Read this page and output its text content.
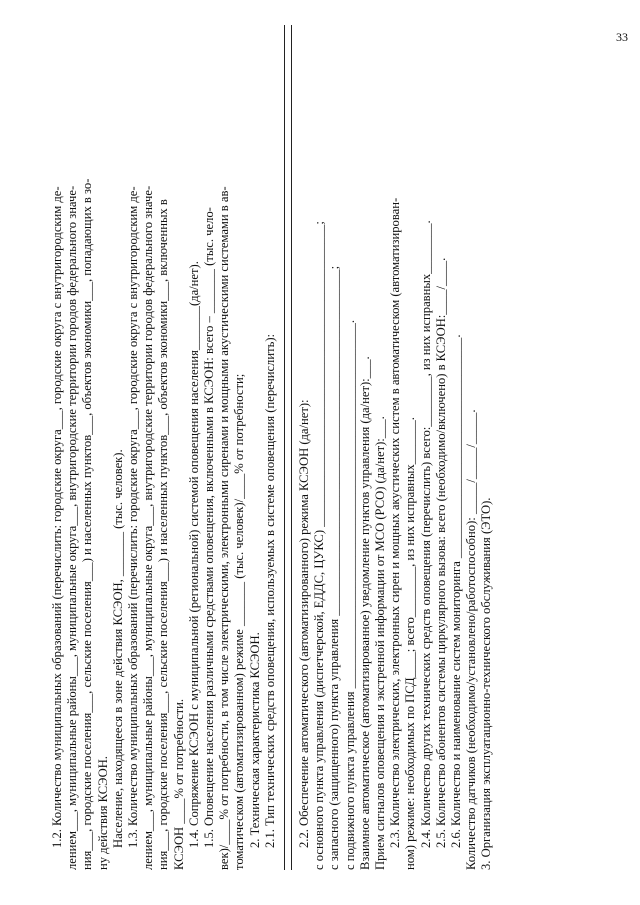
33
1.2. Количество муниципальных образований (перечислить: городские округа___, городские округа с внутригородским де- лением___, муниципальные районы___, муниципальные округа___, внутригородские территории городов федерального значе- ния___, городские поселения___, сельские поселения___) и населенных пунктов___, объектов экономики___, попадающих в зо- ну действия КСЭОН. Население, находящееся в зоне действия КСЭОН, _______ (тыс. человек). 1.3. Количество муниципальных образований (перечислить: городские округа___, городские округа с внутригородским де- лением___, муниципальные районы___, муниципальные округа___, внутригородские территории городов федерального значе- ния___, городские поселения___, сельские поселения___) и населенных пунктов___, объектов экономики___, включенных в КСЭОН ____% от потребности. 1.4. Сопряжение КСЭОН с муниципальной (региональной) системой оповещения населения_______(да/нет). 1.5. Оповещение населения различными средствами оповещения, включенными в КСЭОН: всего – _______ (тыс. чело- век)/____% от потребности, в том числе электрическими, электронными сиренами и мощными акустическими системами в ав- томатическом (автоматизированном) режиме _______ (тыс. человек)/____% от потребности; 2. Техническая характеристика КСЭОН. 2.1. Тип технических средств оповещения, используемых в системе оповещения (перечислить): 2.2. Обеспечение автоматического (автоматизированного) режима КСЭОН (да/нет): с основного пункта управления (диспетчерской, ЕДДС, ЦУКС) ________________________________________________; с запасного (защищенного) пункта управления _______________________________________________________; с подвижного пункта управления __________________________________________________________. Взаимное автоматическое (автоматизированное) уведомление пунктов управления (да/нет):___. Прием сигналов оповещения и экстренной информации от МСО (РСО) (да/нет):___. 2.3. Количество электрических, электронных сирен и мощных акустических систем в автоматическом (автоматизирован- ном) режиме: необходимых по ПСД____; всего________, из них исправных_______. 2.4. Количество других технических средств оповещения (перечислить) всего:________, из них исправных________. 2.5. Количество абонентов системы циркулярного вызова: всего (необходимо/включено) в КСЭОН:____/____. 2.6. Количество и наименование систем мониторинга ___________________________________. Количество датчиков (необходимо/установлено/работоспособно): _____/_____/_____. 3. Организация эксплуатационно-технического обслуживания (ЭТО).
